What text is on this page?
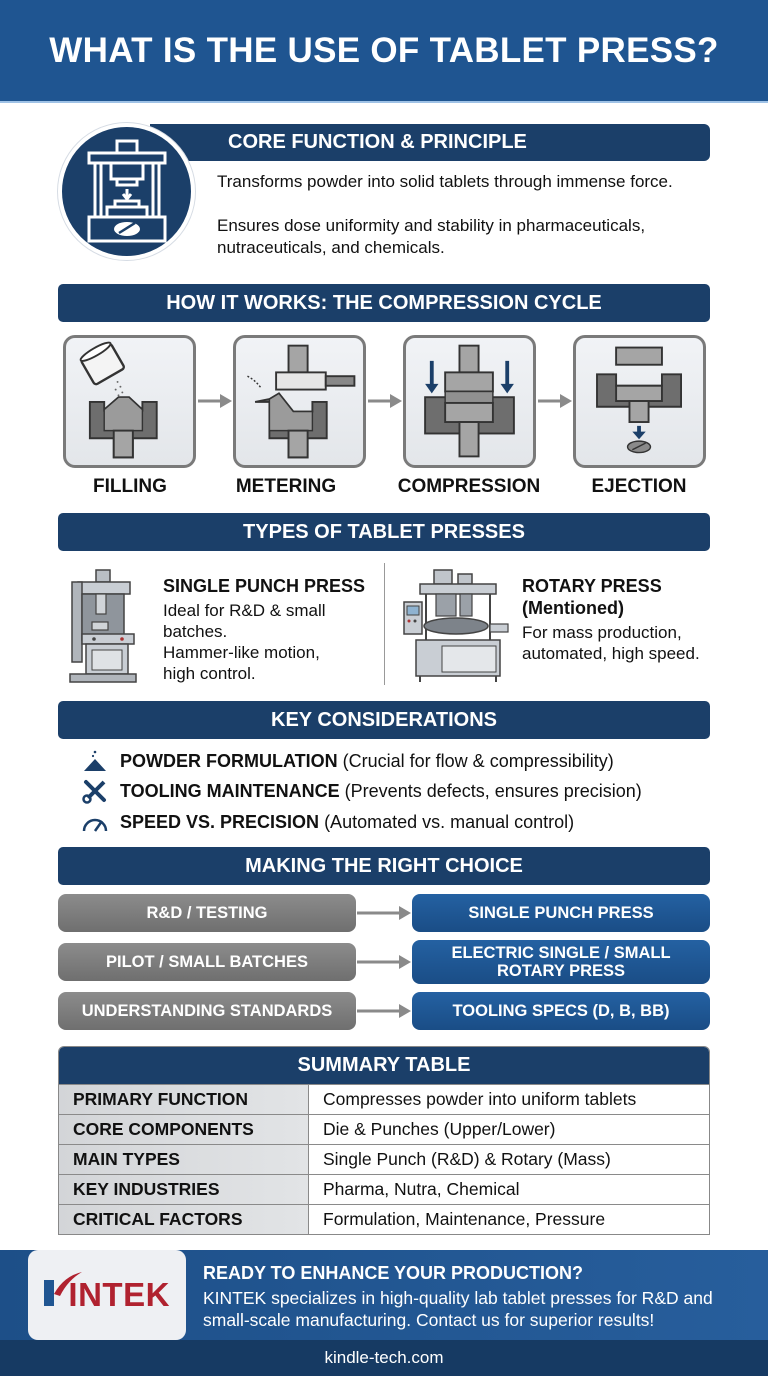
WHAT IS THE USE OF TABLET PRESS?
CORE FUNCTION & PRINCIPLE
Transforms powder into solid tablets through immense force.
Ensures dose uniformity and stability in pharmaceuticals,
nutraceuticals, and chemicals.
HOW IT WORKS: THE COMPRESSION CYCLE
FILLING	METERING	COMPRESSION	EJECTION
TYPES OF TABLET PRESSES
SINGLE PUNCH PRESS
Ideal for R&D & small
batches.
Hammer-like motion,
high control.
ROTARY PRESS
(Mentioned)
For mass production,
automated, high speed.
KEY CONSIDERATIONS
POWDER FORMULATION (Crucial for flow & compressibility)
TOOLING MAINTENANCE (Prevents defects, ensures precision)
SPEED VS. PRECISION (Automated vs. manual control)
MAKING THE RIGHT CHOICE
R&D / TESTING	SINGLE PUNCH PRESS
PILOT / SMALL BATCHES	ELECTRIC SINGLE / SMALL ROTARY PRESS
UNDERSTANDING STANDARDS	TOOLING SPECS (D, B, BB)
SUMMARY TABLE
PRIMARY FUNCTION	Compresses powder into uniform tablets
CORE COMPONENTS	Die & Punches (Upper/Lower)
MAIN TYPES	Single Punch (R&D) & Rotary (Mass)
KEY INDUSTRIES	Pharma, Nutra, Chemical
CRITICAL FACTORS	Formulation, Maintenance, Pressure
INTEK
READY TO ENHANCE YOUR PRODUCTION?
KINTEK specializes in high-quality lab tablet presses for R&D and small-scale manufacturing. Contact us for superior results!
kindle-tech.com
